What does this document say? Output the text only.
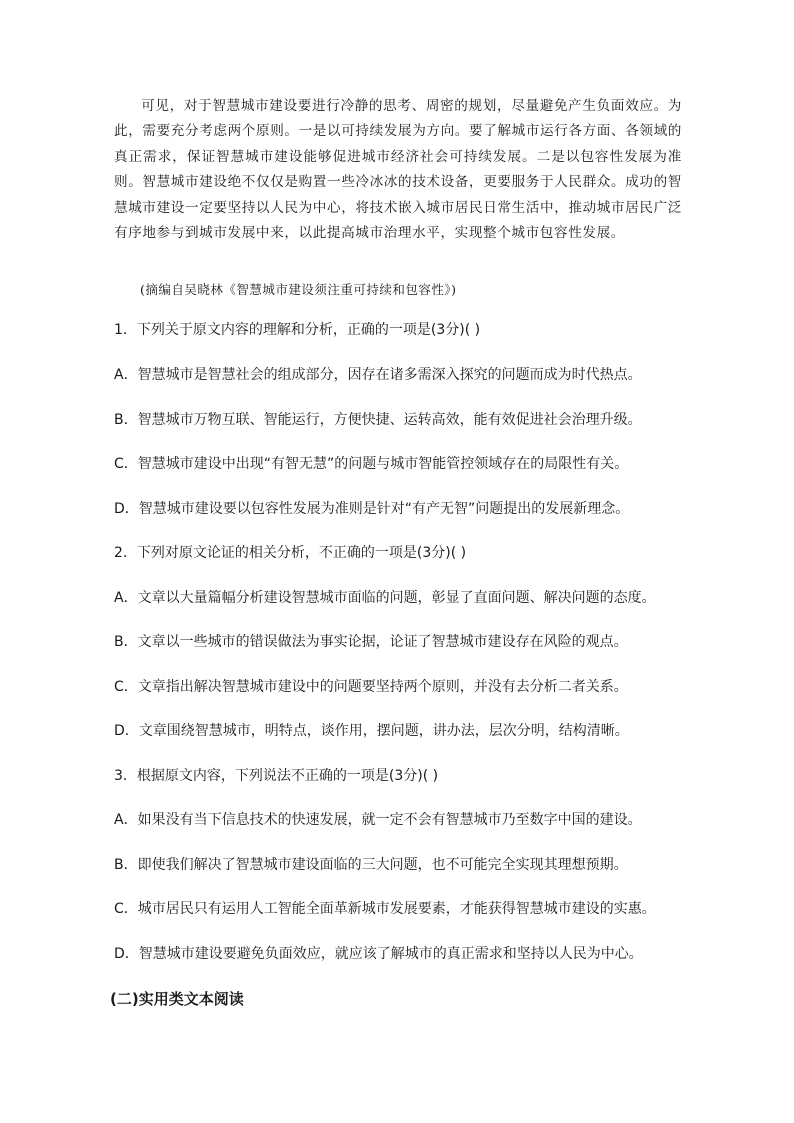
可见，对于智慧城市建设要进行冷静的思考、周密的规划，尽量避免产生负面效应。为此，需要充分考虑两个原则。一是以可持续发展为方向。要了解城市运行各方面、各领域的真正需求，保证智慧城市建设能够促进城市经济社会可持续发展。二是以包容性发展为准则。智慧城市建设绝不仅仅是购置一些冷冰冰的技术设备，更要服务于人民群众。成功的智慧城市建设一定要坚持以人民为中心，将技术嵌入城市居民日常生活中，推动城市居民广泛有序地参与到城市发展中来，以此提高城市治理水平，实现整个城市包容性发展。

(摘编自吴晓林《智慧城市建设须注重可持续和包容性》)

1．下列关于原文内容的理解和分析，正确的一项是(3分)( )

A．智慧城市是智慧社会的组成部分，因存在诸多需深入探究的问题而成为时代热点。

B．智慧城市万物互联、智能运行，方便快捷、运转高效，能有效促进社会治理升级。

C．智慧城市建设中出现“有智无慧”的问题与城市智能管控领域存在的局限性有关。

D．智慧城市建设要以包容性发展为准则是针对“有产无智”问题提出的发展新理念。

2．下列对原文论证的相关分析，不正确的一项是(3分)( )

A．文章以大量篇幅分析建设智慧城市面临的问题，彰显了直面问题、解决问题的态度。

B．文章以一些城市的错误做法为事实论据，论证了智慧城市建设存在风险的观点。

C．文章指出解决智慧城市建设中的问题要坚持两个原则，并没有去分析二者关系。

D．文章围绕智慧城市，明特点，谈作用，摆问题，讲办法，层次分明，结构清晰。

3．根据原文内容，下列说法不正确的一项是(3分)( )

A．如果没有当下信息技术的快速发展，就一定不会有智慧城市乃至数字中国的建设。

B．即使我们解决了智慧城市建设面临的三大问题，也不可能完全实现其理想预期。

C．城市居民只有运用人工智能全面革新城市发展要素，才能获得智慧城市建设的实惠。

D．智慧城市建设要避免负面效应，就应该了解城市的真正需求和坚持以人民为中心。

(二)实用类文本阅读
